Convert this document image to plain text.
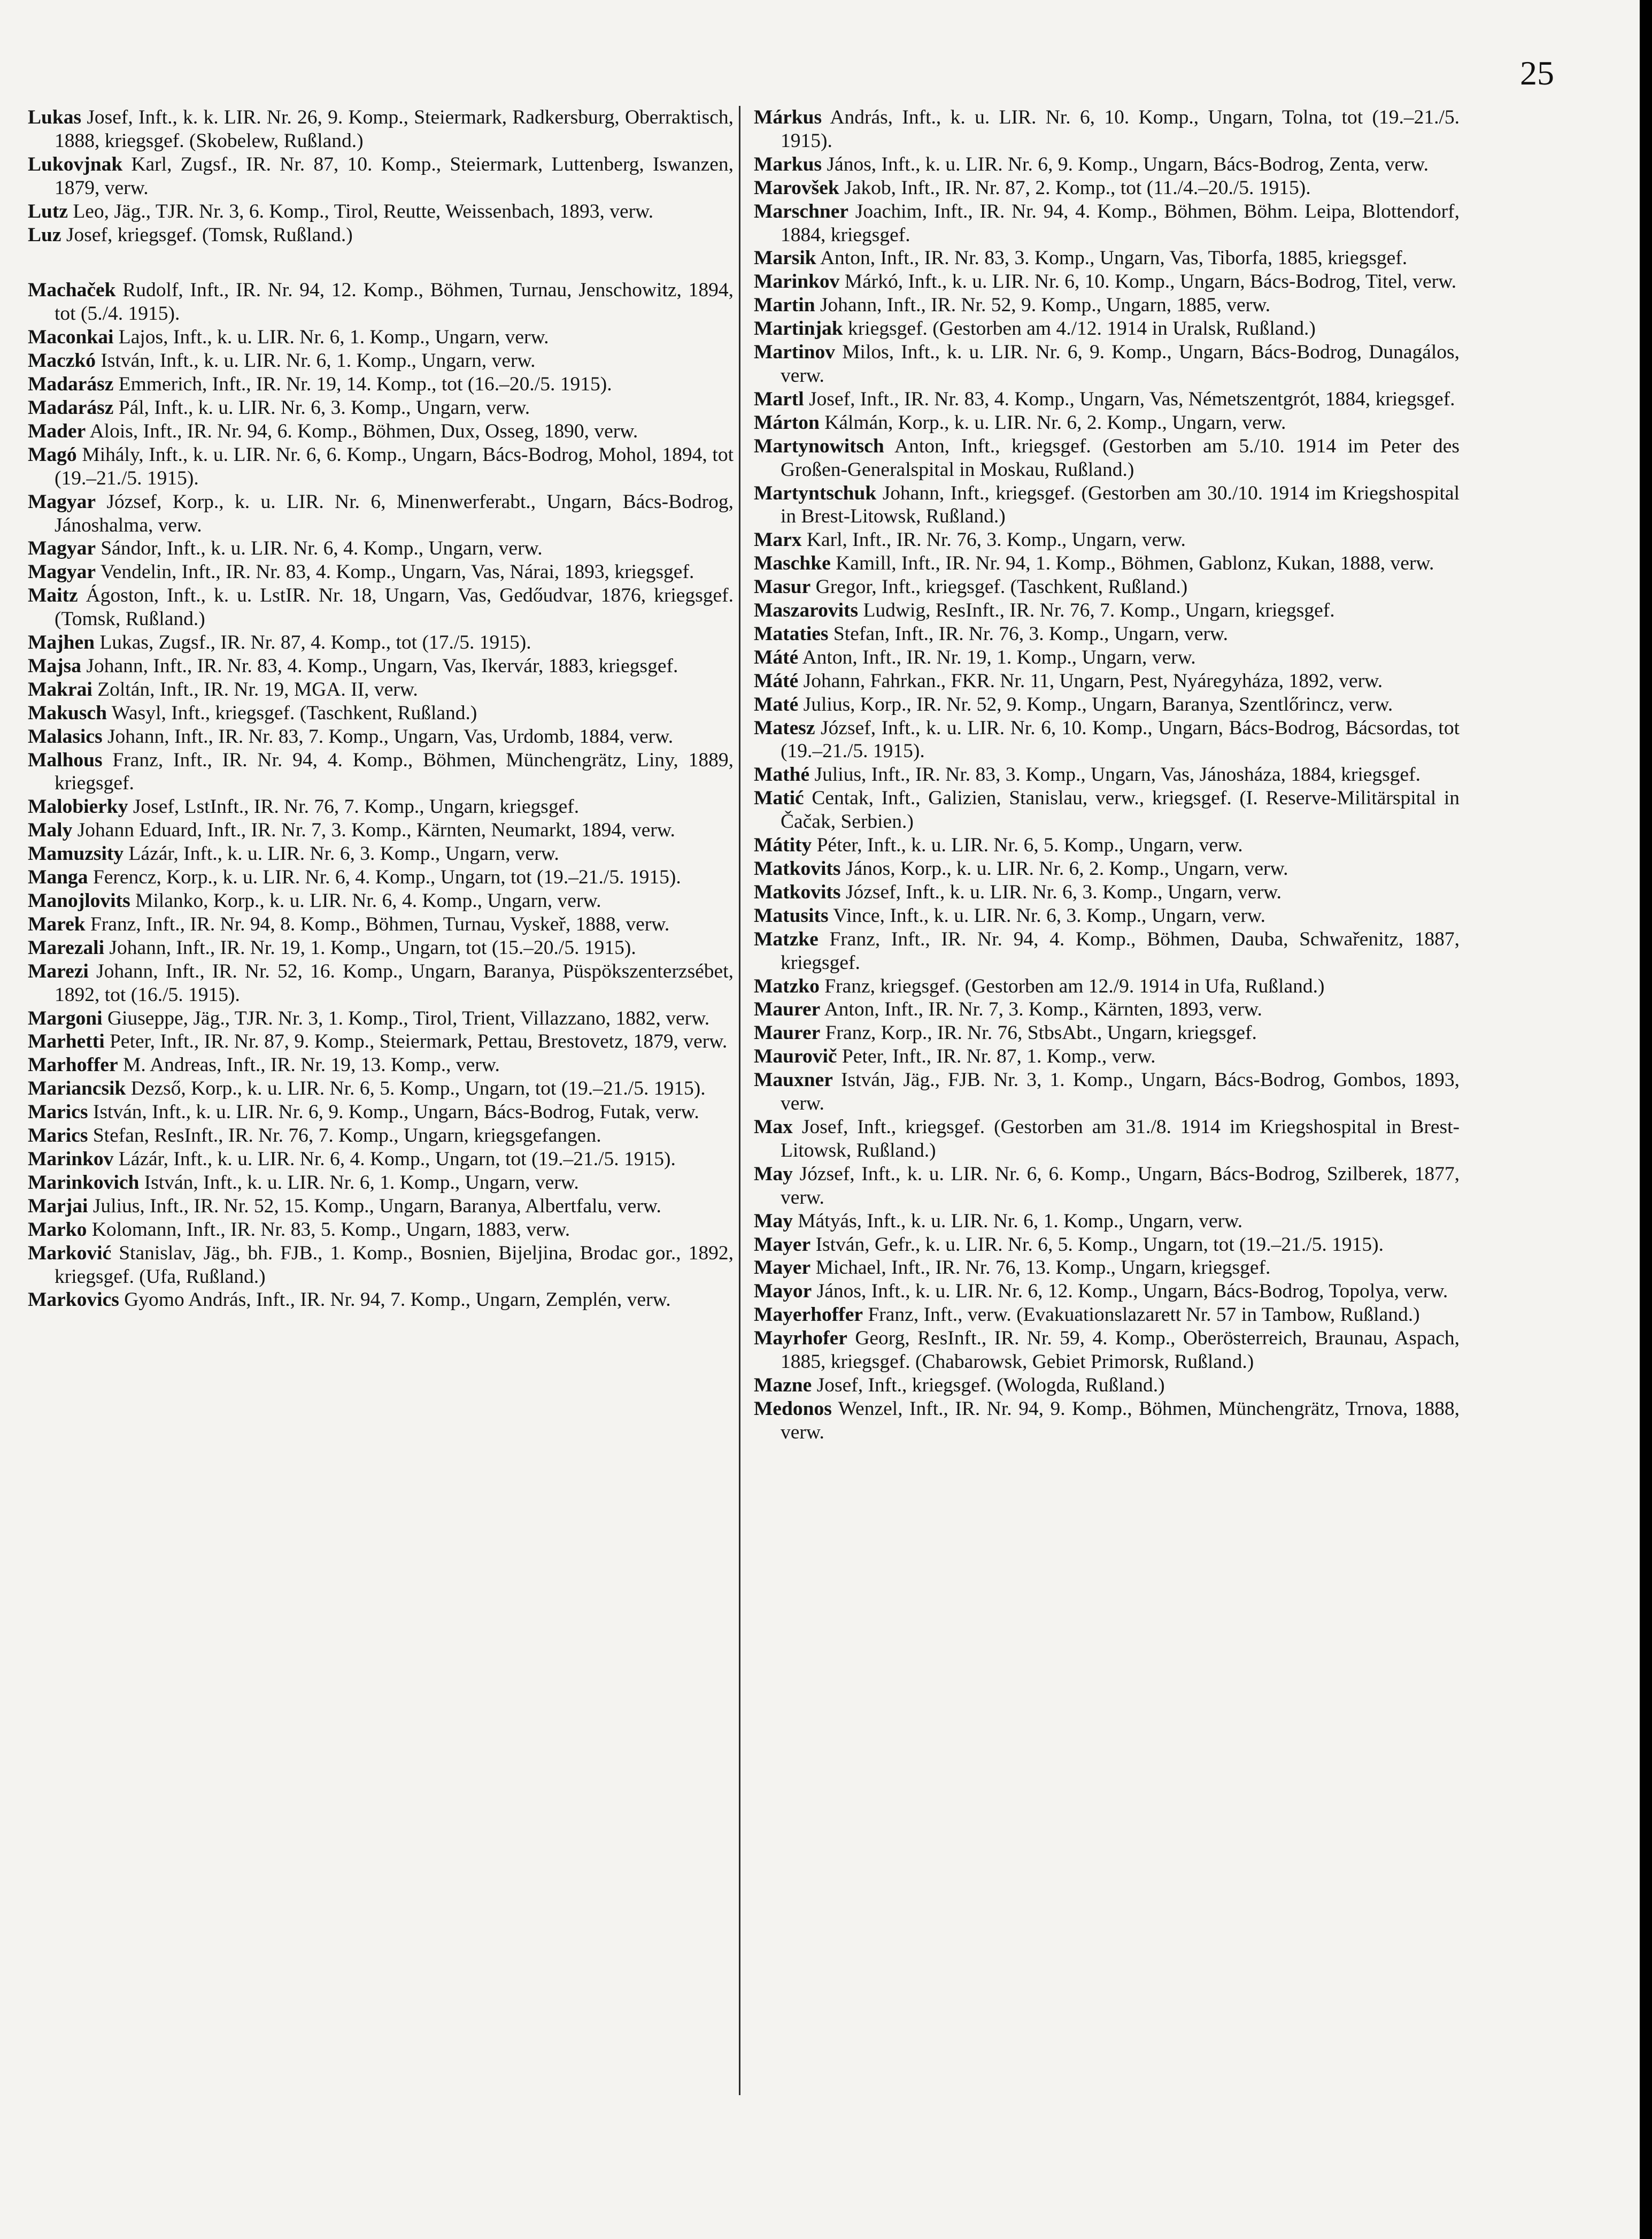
25

Lukas Josef, Inft., k. k. LIR. Nr. 26, 9. Komp., Steiermark, Radkersburg, Oberraktisch, 1888, kriegsgef. (Skobelew, Rußland.)

Lukovjnak Karl, Zugsf., IR. Nr. 87, 10. Komp., Steiermark, Luttenberg, Iswanzen, 1879, verw.

Lutz Leo, Jäg., TJR. Nr. 3, 6. Komp., Tirol, Reutte, Weissenbach, 1893, verw.

Luz Josef, kriegsgef. (Tomsk, Rußland.)

Machaček Rudolf, Inft., IR. Nr. 94, 12. Komp., Böhmen, Turnau, Jenschowitz, 1894, tot (5./4. 1915).

Maconkai Lajos, Inft., k. u. LIR. Nr. 6, 1. Komp., Ungarn, verw.

Maczkó István, Inft., k. u. LIR. Nr. 6, 1. Komp., Ungarn, verw.

Madarász Emmerich, Inft., IR. Nr. 19, 14. Komp., tot (16.–20./5. 1915).

Madarász Pál, Inft., k. u. LIR. Nr. 6, 3. Komp., Ungarn, verw.

Mader Alois, Inft., IR. Nr. 94, 6. Komp., Böhmen, Dux, Osseg, 1890, verw.

Magó Mihály, Inft., k. u. LIR. Nr. 6, 6. Komp., Ungarn, Bács-Bodrog, Mohol, 1894, tot (19.–21./5. 1915).

Magyar József, Korp., k. u. LIR. Nr. 6, Minenwerferabt., Ungarn, Bács-Bodrog, Jánoshalma, verw.

Magyar Sándor, Inft., k. u. LIR. Nr. 6, 4. Komp., Ungarn, verw.

Magyar Vendelin, Inft., IR. Nr. 83, 4. Komp., Ungarn, Vas, Nárai, 1893, kriegsgef.

Maitz Ágoston, Inft., k. u. LstIR. Nr. 18, Ungarn, Vas, Gedőudvar, 1876, kriegsgef. (Tomsk, Rußland.)

Majhen Lukas, Zugsf., IR. Nr. 87, 4. Komp., tot (17./5. 1915).

Majsa Johann, Inft., IR. Nr. 83, 4. Komp., Ungarn, Vas, Ikervár, 1883, kriegsgef.

Makrai Zoltán, Inft., IR. Nr. 19, MGA. II, verw.

Makusch Wasyl, Inft., kriegsgef. (Taschkent, Rußland.)

Malasics Johann, Inft., IR. Nr. 83, 7. Komp., Ungarn, Vas, Urdomb, 1884, verw.

Malhous Franz, Inft., IR. Nr. 94, 4. Komp., Böhmen, Münchengrätz, Liny, 1889, kriegsgef.

Malobierky Josef, LstInft., IR. Nr. 76, 7. Komp., Ungarn, kriegsgef.

Maly Johann Eduard, Inft., IR. Nr. 7, 3. Komp., Kärnten, Neumarkt, 1894, verw.

Mamuzsity Lázár, Inft., k. u. LIR. Nr. 6, 3. Komp., Ungarn, verw.

Manga Ferencz, Korp., k. u. LIR. Nr. 6, 4. Komp., Ungarn, tot (19.–21./5. 1915).

Manojlovits Milanko, Korp., k. u. LIR. Nr. 6, 4. Komp., Ungarn, verw.

Marek Franz, Inft., IR. Nr. 94, 8. Komp., Böhmen, Turnau, Vyskeř, 1888, verw.

Marezali Johann, Inft., IR. Nr. 19, 1. Komp., Ungarn, tot (15.–20./5. 1915).

Marezi Johann, Inft., IR. Nr. 52, 16. Komp., Ungarn, Baranya, Püspökszenterzsébet, 1892, tot (16./5. 1915).

Margoni Giuseppe, Jäg., TJR. Nr. 3, 1. Komp., Tirol, Trient, Villazzano, 1882, verw.

Marhetti Peter, Inft., IR. Nr. 87, 9. Komp., Steiermark, Pettau, Brestovetz, 1879, verw.

Marhoffer M. Andreas, Inft., IR. Nr. 19, 13. Komp., verw.

Mariancsik Dezső, Korp., k. u. LIR. Nr. 6, 5. Komp., Ungarn, tot (19.–21./5. 1915).

Marics István, Inft., k. u. LIR. Nr. 6, 9. Komp., Ungarn, Bács-Bodrog, Futak, verw.

Marics Stefan, ResInft., IR. Nr. 76, 7. Komp., Ungarn, kriegsgefangen.

Marinkov Lázár, Inft., k. u. LIR. Nr. 6, 4. Komp., Ungarn, tot (19.–21./5. 1915).

Marinkovich István, Inft., k. u. LIR. Nr. 6, 1. Komp., Ungarn, verw.

Marjai Julius, Inft., IR. Nr. 52, 15. Komp., Ungarn, Baranya, Albertfalu, verw.

Marko Kolomann, Inft., IR. Nr. 83, 5. Komp., Ungarn, 1883, verw.

Marković Stanislav, Jäg., bh. FJB., 1. Komp., Bosnien, Bijeljina, Brodac gor., 1892, kriegsgef. (Ufa, Rußland.)

Markovics Gyomo András, Inft., IR. Nr. 94, 7. Komp., Ungarn, Zemplén, verw.

Márkus András, Inft., k. u. LIR. Nr. 6, 10. Komp., Ungarn, Tolna, tot (19.–21./5. 1915).

Markus János, Inft., k. u. LIR. Nr. 6, 9. Komp., Ungarn, Bács-Bodrog, Zenta, verw.

Marovšek Jakob, Inft., IR. Nr. 87, 2. Komp., tot (11./4.–20./5. 1915).

Marschner Joachim, Inft., IR. Nr. 94, 4. Komp., Böhmen, Böhm. Leipa, Blottendorf, 1884, kriegsgef.

Marsik Anton, Inft., IR. Nr. 83, 3. Komp., Ungarn, Vas, Tiborfa, 1885, kriegsgef.

Marinkov Márkó, Inft., k. u. LIR. Nr. 6, 10. Komp., Ungarn, Bács-Bodrog, Titel, verw.

Martin Johann, Inft., IR. Nr. 52, 9. Komp., Ungarn, 1885, verw.

Martinjak kriegsgef. (Gestorben am 4./12. 1914 in Uralsk, Rußland.)

Martinov Milos, Inft., k. u. LIR. Nr. 6, 9. Komp., Ungarn, Bács-Bodrog, Dunagálos, verw.

Martl Josef, Inft., IR. Nr. 83, 4. Komp., Ungarn, Vas, Németszentgrót, 1884, kriegsgef.

Márton Kálmán, Korp., k. u. LIR. Nr. 6, 2. Komp., Ungarn, verw.

Martynowitsch Anton, Inft., kriegsgef. (Gestorben am 5./10. 1914 im Peter des Großen-Generalspital in Moskau, Rußland.)

Martyntschuk Johann, Inft., kriegsgef. (Gestorben am 30./10. 1914 im Kriegshospital in Brest-Litowsk, Rußland.)

Marx Karl, Inft., IR. Nr. 76, 3. Komp., Ungarn, verw.

Maschke Kamill, Inft., IR. Nr. 94, 1. Komp., Böhmen, Gablonz, Kukan, 1888, verw.

Masur Gregor, Inft., kriegsgef. (Taschkent, Rußland.)

Maszarovits Ludwig, ResInft., IR. Nr. 76, 7. Komp., Ungarn, kriegsgef.

Mataties Stefan, Inft., IR. Nr. 76, 3. Komp., Ungarn, verw.

Máté Anton, Inft., IR. Nr. 19, 1. Komp., Ungarn, verw.

Máté Johann, Fahrkan., FKR. Nr. 11, Ungarn, Pest, Nyáregyháza, 1892, verw.

Maté Julius, Korp., IR. Nr. 52, 9. Komp., Ungarn, Baranya, Szentlőrincz, verw.

Matesz József, Inft., k. u. LIR. Nr. 6, 10. Komp., Ungarn, Bács-Bodrog, Bácsordas, tot (19.–21./5. 1915).

Mathé Julius, Inft., IR. Nr. 83, 3. Komp., Ungarn, Vas, Jánosháza, 1884, kriegsgef.

Matić Centak, Inft., Galizien, Stanislau, verw., kriegsgef. (I. Reserve-Militärspital in Čačak, Serbien.)

Mátity Péter, Inft., k. u. LIR. Nr. 6, 5. Komp., Ungarn, verw.

Matkovits János, Korp., k. u. LIR. Nr. 6, 2. Komp., Ungarn, verw.

Matkovits József, Inft., k. u. LIR. Nr. 6, 3. Komp., Ungarn, verw.

Matusits Vince, Inft., k. u. LIR. Nr. 6, 3. Komp., Ungarn, verw.

Matzke Franz, Inft., IR. Nr. 94, 4. Komp., Böhmen, Dauba, Schwařenitz, 1887, kriegsgef.

Matzko Franz, kriegsgef. (Gestorben am 12./9. 1914 in Ufa, Rußland.)

Maurer Anton, Inft., IR. Nr. 7, 3. Komp., Kärnten, 1893, verw.

Maurer Franz, Korp., IR. Nr. 76, StbsAbt., Ungarn, kriegsgef.

Maurovič Peter, Inft., IR. Nr. 87, 1. Komp., verw.

Mauxner István, Jäg., FJB. Nr. 3, 1. Komp., Ungarn, Bács-Bodrog, Gombos, 1893, verw.

Max Josef, Inft., kriegsgef. (Gestorben am 31./8. 1914 im Kriegshospital in Brest-Litowsk, Rußland.)

May József, Inft., k. u. LIR. Nr. 6, 6. Komp., Ungarn, Bács-Bodrog, Szilberek, 1877, verw.

May Mátyás, Inft., k. u. LIR. Nr. 6, 1. Komp., Ungarn, verw.

Mayer István, Gefr., k. u. LIR. Nr. 6, 5. Komp., Ungarn, tot (19.–21./5. 1915).

Mayer Michael, Inft., IR. Nr. 76, 13. Komp., Ungarn, kriegsgef.

Mayor János, Inft., k. u. LIR. Nr. 6, 12. Komp., Ungarn, Bács-Bodrog, Topolya, verw.

Mayerhoffer Franz, Inft., verw. (Evakuationslazarett Nr. 57 in Tambow, Rußland.)

Mayrhofer Georg, ResInft., IR. Nr. 59, 4. Komp., Oberösterreich, Braunau, Aspach, 1885, kriegsgef. (Chabarowsk, Gebiet Primorsk, Rußland.)

Mazne Josef, Inft., kriegsgef. (Wologda, Rußland.)

Medonos Wenzel, Inft., IR. Nr. 94, 9. Komp., Böhmen, Münchengrätz, Trnova, 1888, verw.
